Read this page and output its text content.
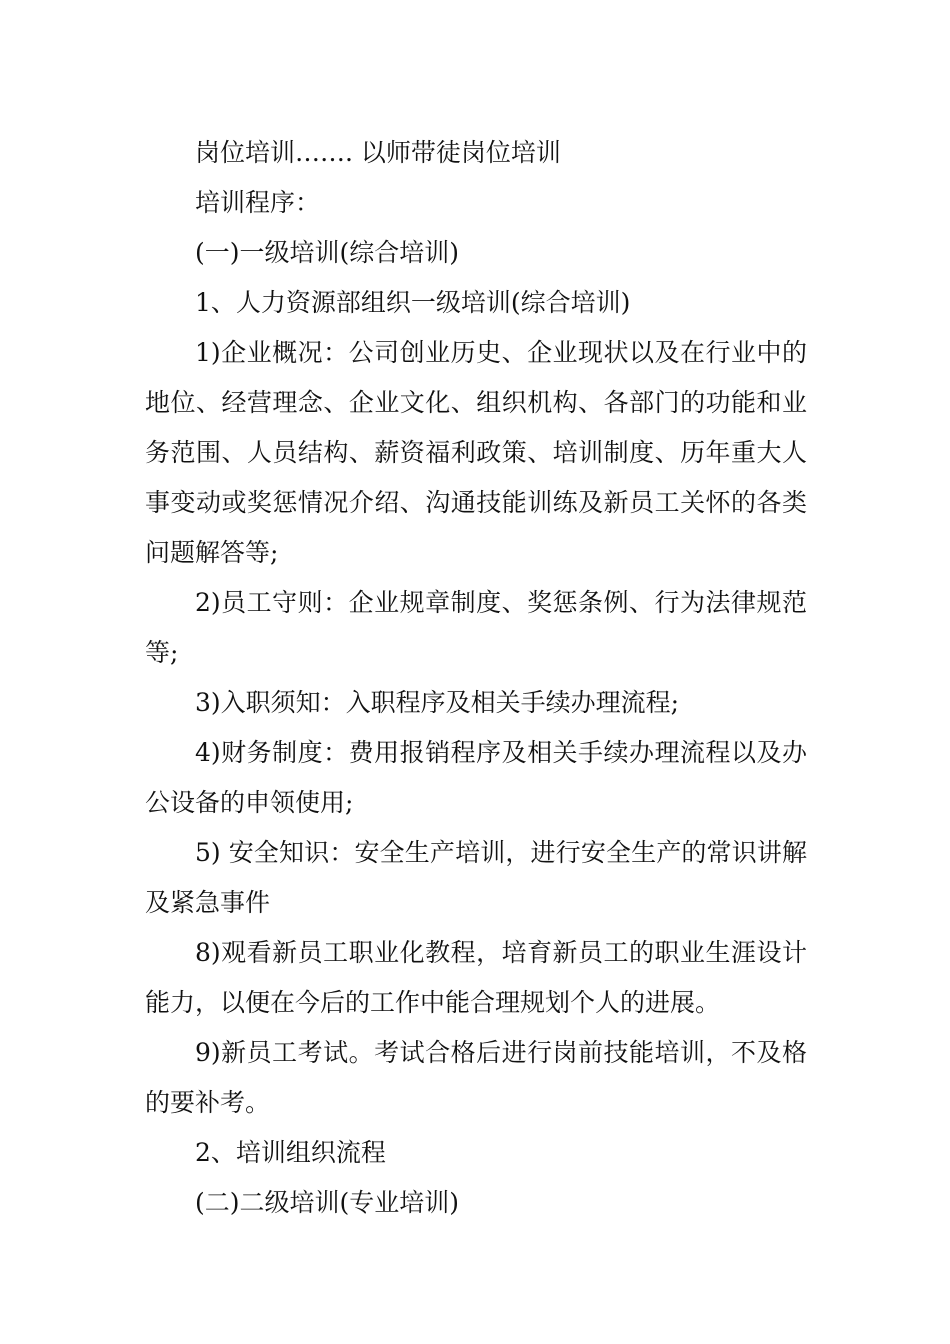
岗位培训……. 以师带徒岗位培训

培训程序：

(一)一级培训(综合培训)

1、人力资源部组织一级培训(综合培训)

1)企业概况：公司创业历史、企业现状以及在行业中的地位、经营理念、企业文化、组织机构、各部门的功能和业务范围、人员结构、薪资福利政策、培训制度、历年重大人事变动或奖惩情况介绍、沟通技能训练及新员工关怀的各类问题解答等;

2)员工守则：企业规章制度、奖惩条例、行为法律规范等;

3)入职须知：入职程序及相关手续办理流程;

4)财务制度：费用报销程序及相关手续办理流程以及办公设备的申领使用;

5) 安全知识：安全生产培训，进行安全生产的常识讲解及紧急事件

8)观看新员工职业化教程，培育新员工的职业生涯设计能力，以便在今后的工作中能合理规划个人的进展。

9)新员工考试。考试合格后进行岗前技能培训，不及格的要补考。

2、培训组织流程

(二)二级培训(专业培训)
